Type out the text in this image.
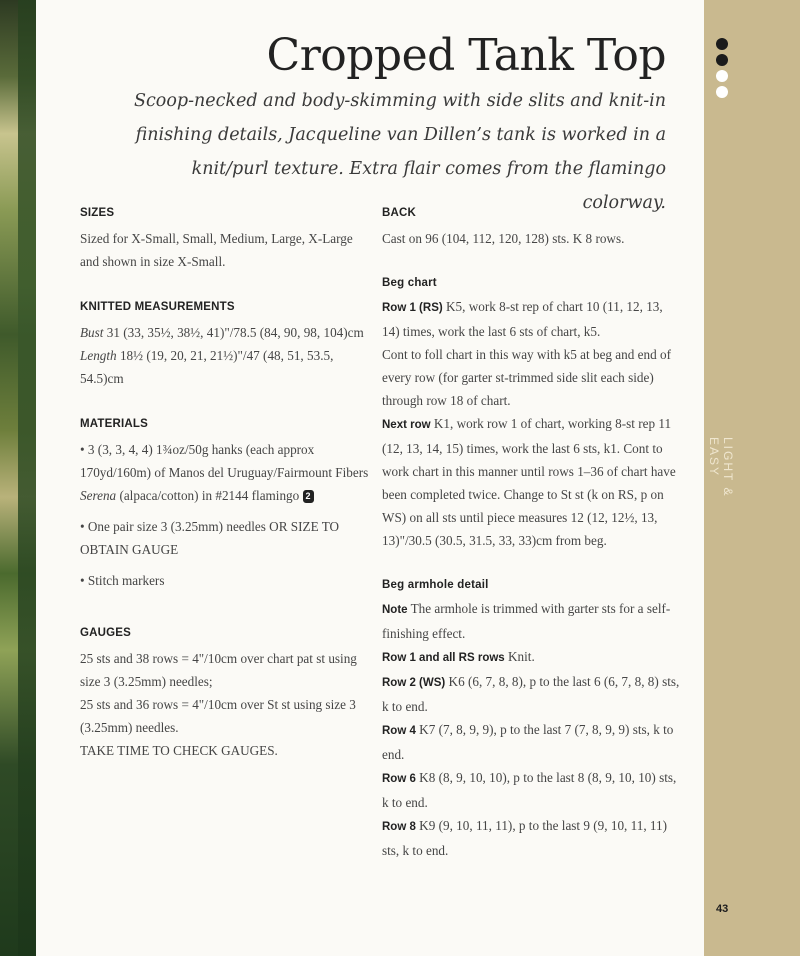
LIGHT & EASY
43
Cropped Tank Top

Scoop-necked and body-skimming with side slits and knit-in finishing details, Jacqueline van Dillen’s tank is worked in a knit/purl texture. Extra flair comes from the flamingo colorway.

SIZES

Sized for X-Small, Small, Medium, Large, X-Large and shown in size X-Small.

KNITTED MEASUREMENTS

Bust 31 (33, 35½, 38½, 41)"/78.5 (84, 90, 98, 104)cm

Length 18½ (19, 20, 21, 21½)"/47 (48, 51, 53.5, 54.5)cm

MATERIALS

• 3 (3, 3, 4, 4) 1¾oz/50g hanks (each approx 170yd/160m) of Manos del Uruguay/Fairmount Fibers Serena (alpaca/cotton) in #2144 flamingo 2

• One pair size 3 (3.25mm) needles OR SIZE TO OBTAIN GAUGE

• Stitch markers

GAUGES

25 sts and 38 rows = 4"/10cm over chart pat st using size 3 (3.25mm) needles;

25 sts and 36 rows = 4"/10cm over St st using size 3 (3.25mm) needles.

TAKE TIME TO CHECK GAUGES.

BACK

Cast on 96 (104, 112, 120, 128) sts. K 8 rows.

Beg chart

Row 1 (RS) K5, work 8-st rep of chart 10 (11, 12, 13, 14) times, work the last 6 sts of chart, k5.

Cont to foll chart in this way with k5 at beg and end of every row (for garter st-trimmed side slit each side) through row 18 of chart.

Next row K1, work row 1 of chart, working 8-st rep 11 (12, 13, 14, 15) times, work the last 6 sts, k1. Cont to work chart in this manner until rows 1–36 of chart have been completed twice. Change to St st (k on RS, p on WS) on all sts until piece measures 12 (12, 12½, 13, 13)"/30.5 (30.5, 31.5, 33, 33)cm from beg.

Beg armhole detail

Note The armhole is trimmed with garter sts for a self-finishing effect.

Row 1 and all RS rows Knit.

Row 2 (WS) K6 (6, 7, 8, 8), p to the last 6 (6, 7, 8, 8) sts, k to end.

Row 4 K7 (7, 8, 9, 9), p to the last 7 (7, 8, 9, 9) sts, k to end.

Row 6 K8 (8, 9, 10, 10), p to the last 8 (8, 9, 10, 10) sts, k to end.

Row 8 K9 (9, 10, 11, 11), p to the last 9 (9, 10, 11, 11) sts, k to end.
